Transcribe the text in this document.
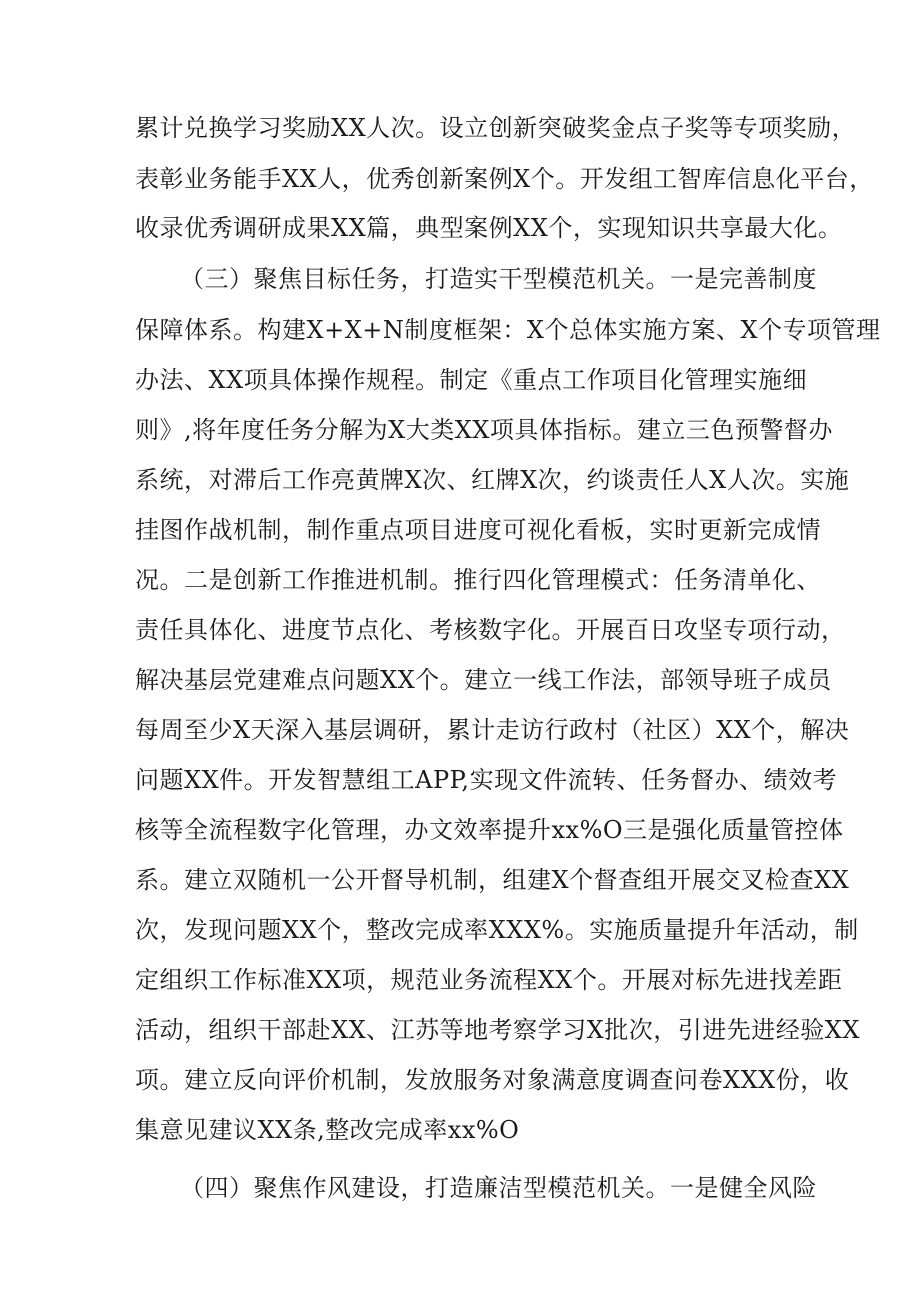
累计兑换学习奖励XX人次。设立创新突破奖金点子奖等专项奖励，
表彰业务能手XX人，优秀创新案例X个。开发组工智库信息化平台，
收录优秀调研成果XX篇，典型案例XX个，实现知识共享最大化。
（三）聚焦目标任务，打造实干型模范机关。一是完善制度
保障体系。构建X+X+N制度框架：X个总体实施方案、X个专项管理
办法、XX项具体操作规程。制定《重点工作项目化管理实施细
则》,将年度任务分解为X大类XX项具体指标。建立三色预警督办
系统，对滞后工作亮黄牌X次、红牌X次，约谈责任人X人次。实施
挂图作战机制，制作重点项目进度可视化看板，实时更新完成情
况。二是创新工作推进机制。推行四化管理模式：任务清单化、
责任具体化、进度节点化、考核数字化。开展百日攻坚专项行动，
解决基层党建难点问题XX个。建立一线工作法，部领导班子成员
每周至少X天深入基层调研，累计走访行政村（社区）XX个，解决
问题XX件。开发智慧组工APP,实现文件流转、任务督办、绩效考
核等全流程数字化管理，办文效率提升xx%O三是强化质量管控体
系。建立双随机一公开督导机制，组建X个督查组开展交叉检查XX
次，发现问题XX个，整改完成率XXX%。实施质量提升年活动，制
定组织工作标准XX项，规范业务流程XX个。开展对标先进找差距
活动，组织干部赴XX、江苏等地考察学习X批次，引进先进经验XX
项。建立反向评价机制，发放服务对象满意度调查问卷XXX份，收
集意见建议XX条,整改完成率xx%O
（四）聚焦作风建设，打造廉洁型模范机关。一是健全风险
